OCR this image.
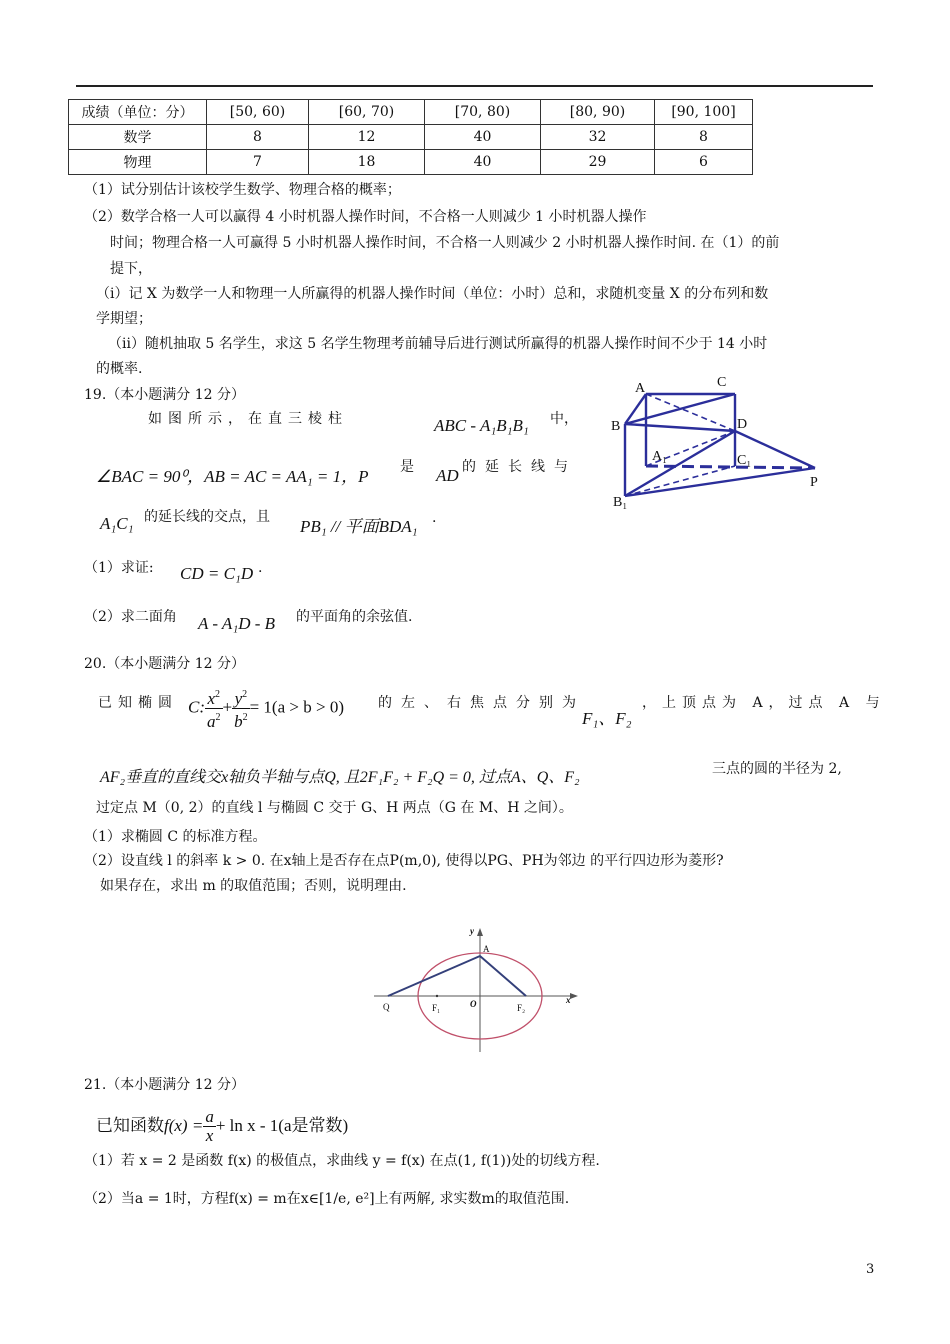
成绩（单位：分）	[50, 60)	[60, 70)	[70, 80)	[80, 90)	[90, 100]
数学	8	12	40	32	8
物理	7	18	40	29	6
（1）试分别估计该校学生数学、物理合格的概率；
（2）数学合格一人可以赢得 4 小时机器人操作时间，不合格一人则减少 1 小时机器人操作
时间；物理合格一人可赢得 5 小时机器人操作时间，不合格一人则减少 2 小时机器人操作时间. 在（1）的前
提下，
（i）记 X 为数学一人和物理一人所赢得的机器人操作时间（单位：小时）总和，求随机变量 X 的分布列和数
学期望；
（ii）随机抽取 5 名学生，求这 5 名学生物理考前辅导后进行测试所赢得的机器人操作时间不少于 14 小时
的概率.
19.（本小题满分 12 分）
如图所示，在直三棱柱	ABC - A₁B₁B₁ 中，
∠BAC = 90⁰，AB = AC = AA₁ = 1，P 是 AD 的延长线与
A₁C₁ 的延长线的交点，且 PB₁ // 平面BDA₁ .
（1）求证: CD = C₁D .
（2）求二面角 A - A₁D - B 的平面角的余弦值.
A	C
B	D
A₁	C₁
B₁
P
20.（本小题满分 12 分）
已知椭圆 C: $\frac{x^2}{a^2} + \frac{y^2}{b^2} = 1(a > b > 0)$ 的左、右焦点分别为
F₁、F₂
，上顶点为 A，过点 A 与
AF₂垂直的直线交x轴负半轴与点Q, 且2F₁F₂ + F₂Q = 0, 过点A、Q、F₂	三点的圆的半径为 2,
过定点 M（0, 2）的直线 l 与椭圆 C 交于 G、H 两点（G 在 M、H 之间）。
（1）求椭圆 C 的标准方程。
（2）设直线 l 的斜率 k > 0. 在x轴上是否存在点P(m,0), 使得以PG、PH为邻边 的平行四边形为菱形?
如果存在，求出 m 的取值范围；否则，说明理由.
y
A
Q	F₁	O	F₂
x
21.（本小题满分 12 分）
已知函数$f(x) = \frac{a}{x} + \ln x - 1(a$是常数)
（1）若 x = 2 是函数 f(x) 的极值点，求曲线 y = f(x) 在点(1, f(1))处的切线方程.
（2）当a = 1时，方程f(x) = m在x∈[1/e, e²]上有两解, 求实数m的取值范围.
3
